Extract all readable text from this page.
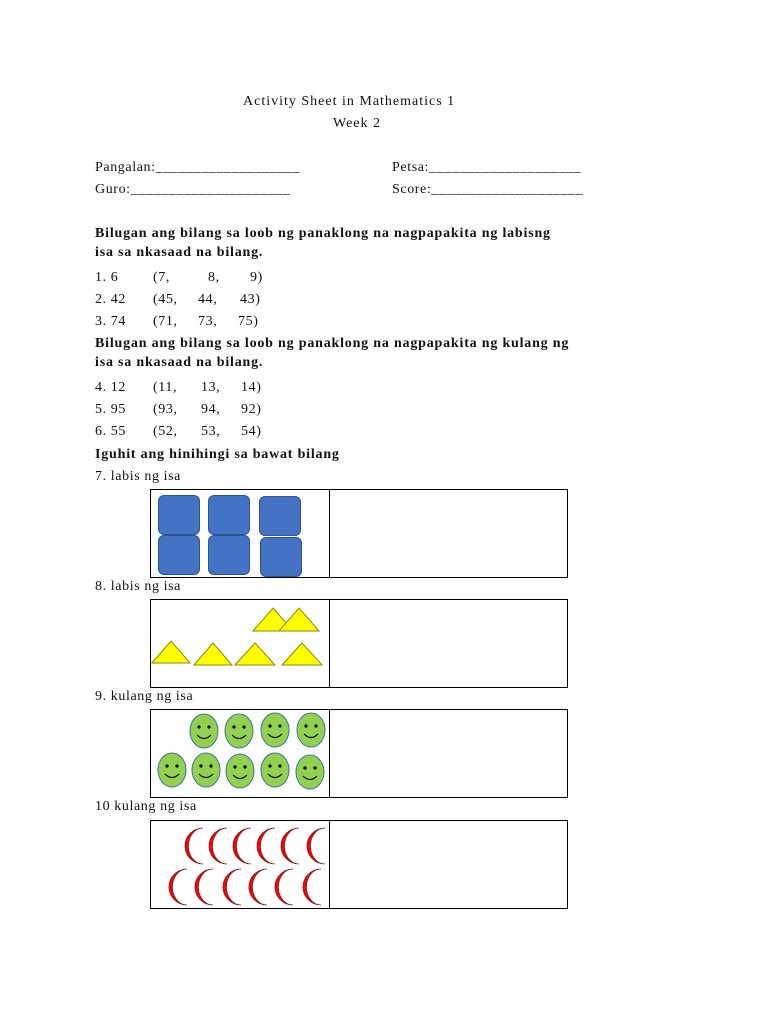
Activity Sheet in Mathematics 1
Week 2
Pangalan:___________________	Petsa:____________________
Guro:_____________________	Score:____________________
Bilugan ang bilang sa loob ng panaklong na nagpapakita ng labisng
isa sa nkasaad na bilang.
1. 6 (7,	8, 9)
2. 42 (45, 44, 43)
3. 74 (71, 73, 75)
Bilugan ang bilang sa loob ng panaklong na nagpapakita ng kulang ng
isa sa nkasaad na bilang.
4. 12 (11, 13, 14)
5. 95 (93, 94, 92)
6. 55 (52, 53, 54)
Iguhit ang hinihingi sa bawat bilang
7. labis ng isa
8. labis ng isa
9. kulang ng isa
10 kulang ng isa
